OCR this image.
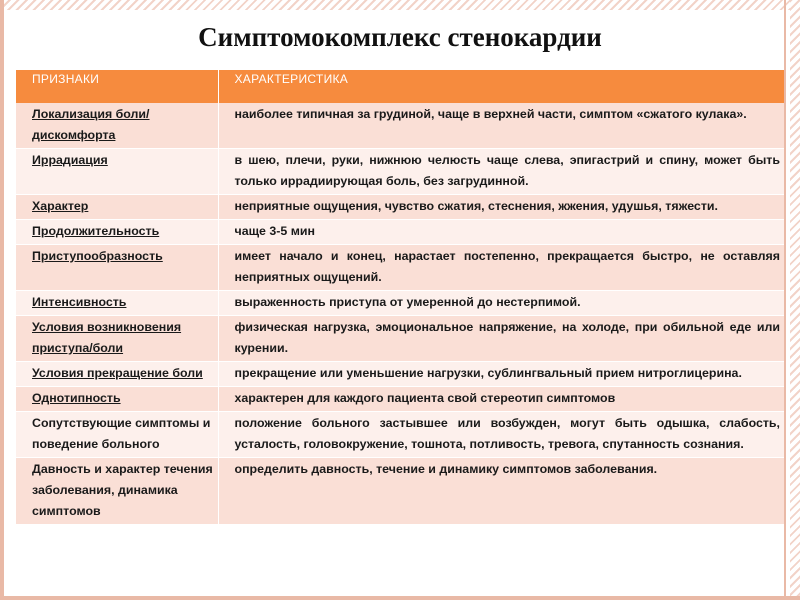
Симптомокомплекс стенокардии
ПРИЗНАКИ	ХАРАКТЕРИСТИКА
Локализация боли/дискомфорта	наиболее типичная за грудиной, чаще в верхней части, симптом «сжатого кулака».
Иррадиация	в шею, плечи, руки, нижнюю челюсть чаще слева, эпигастрий и спину, может быть только иррадиирующая боль, без загрудинной.
Характер	неприятные ощущения, чувство сжатия, стеснения, жжения, удушья, тяжести.
Продолжительность	чаще 3-5 мин
Приступообразность	имеет начало и конец, нарастает постепенно, прекращается быстро, не оставляя неприятных ощущений.
Интенсивность	выраженность приступа от умеренной до нестерпимой.
Условия возникновения приступа/боли	физическая нагрузка, эмоциональное напряжение, на холоде, при обильной еде или курении.
Условия прекращение боли	прекращение или уменьшение нагрузки, сублингвальный прием нитроглицерина.
Однотипность	характерен для каждого пациента свой стереотип симптомов
Сопутствующие симптомы и поведение больного	положение больного застывшее или возбужден, могут быть одышка, слабость, усталость, головокружение, тошнота, потливость, тревога, спутанность сознания.
Давность и характер течения заболевания, динамика симптомов	определить давность, течение и динамику симптомов заболевания.
